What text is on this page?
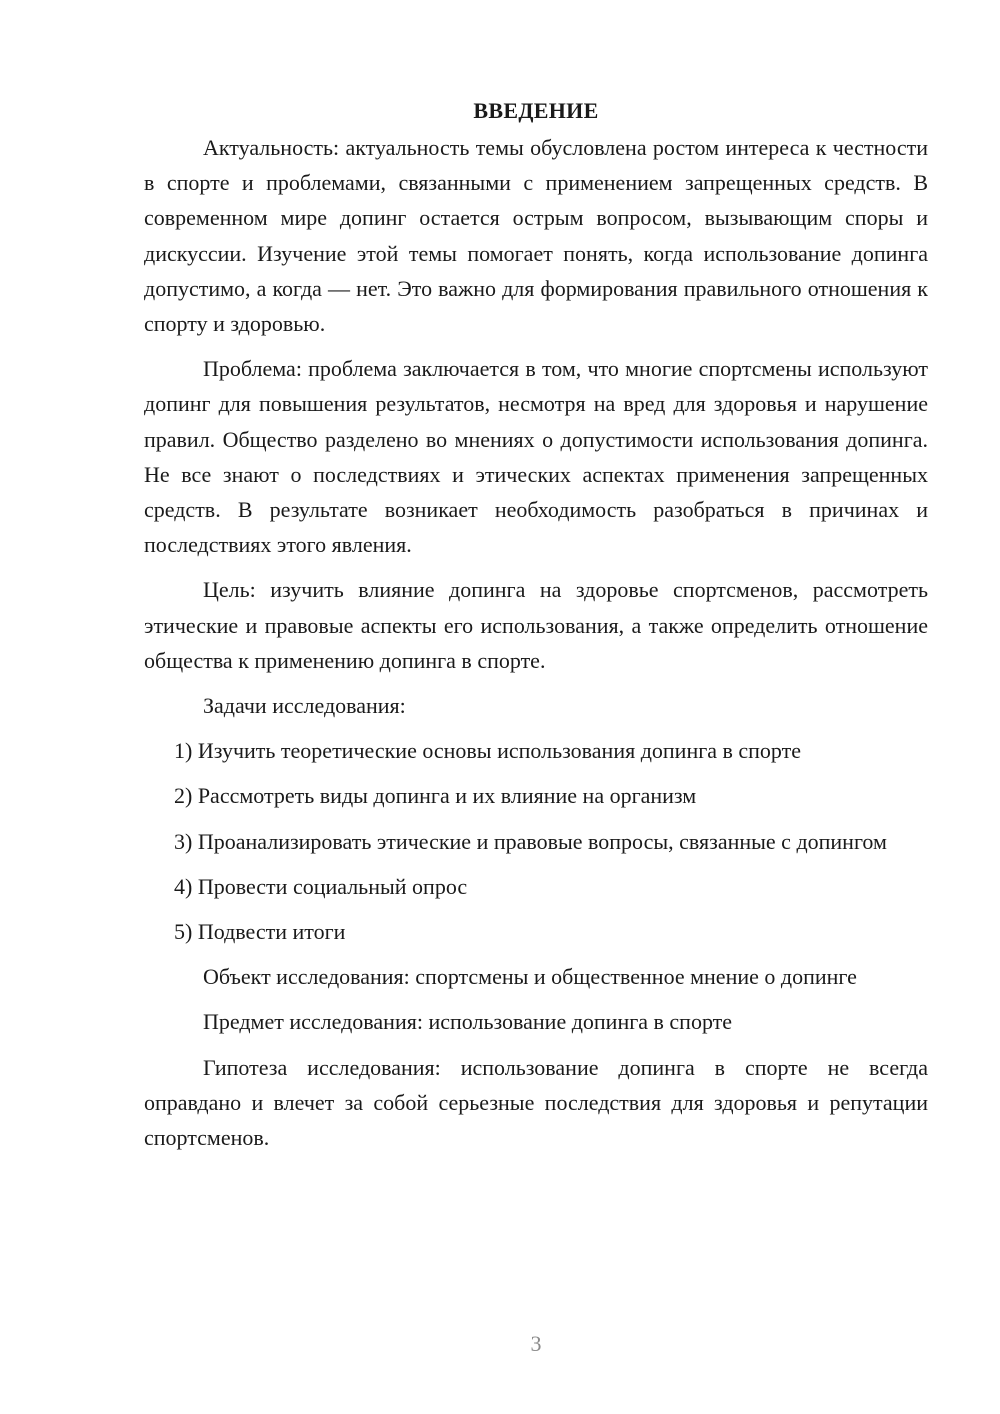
ВВЕДЕНИЕ

Актуальность: актуальность темы обусловлена ростом интереса к честности в спорте и проблемами, связанными с применением запрещенных средств. В современном мире допинг остается острым вопросом, вызывающим споры и дискуссии. Изучение этой темы помогает понять, когда использование допинга допустимо, а когда — нет. Это важно для формирования правильного отношения к спорту и здоровью.

Проблема: проблема заключается в том, что многие спортсмены используют допинг для повышения результатов, несмотря на вред для здоровья и нарушение правил. Общество разделено во мнениях о допустимости использования допинга. Не все знают о последствиях и этических аспектах применения запрещенных средств. В результате возникает необходимость разобраться в причинах и последствиях этого явления.

Цель: изучить влияние допинга на здоровье спортсменов, рассмотреть этические и правовые аспекты его использования, а также определить отношение общества к применению допинга в спорте.

Задачи исследования:

1) Изучить теоретические основы использования допинга в спорте

2) Рассмотреть виды допинга и их влияние на организм

3) Проанализировать этические и правовые вопросы, связанные с допингом

4) Провести социальный опрос

5) Подвести итоги

Объект исследования: спортсмены и общественное мнение о допинге

Предмет исследования: использование допинга в спорте

Гипотеза исследования: использование допинга в спорте не всегда оправдано и влечет за собой серьезные последствия для здоровья и репутации спортсменов.

3
